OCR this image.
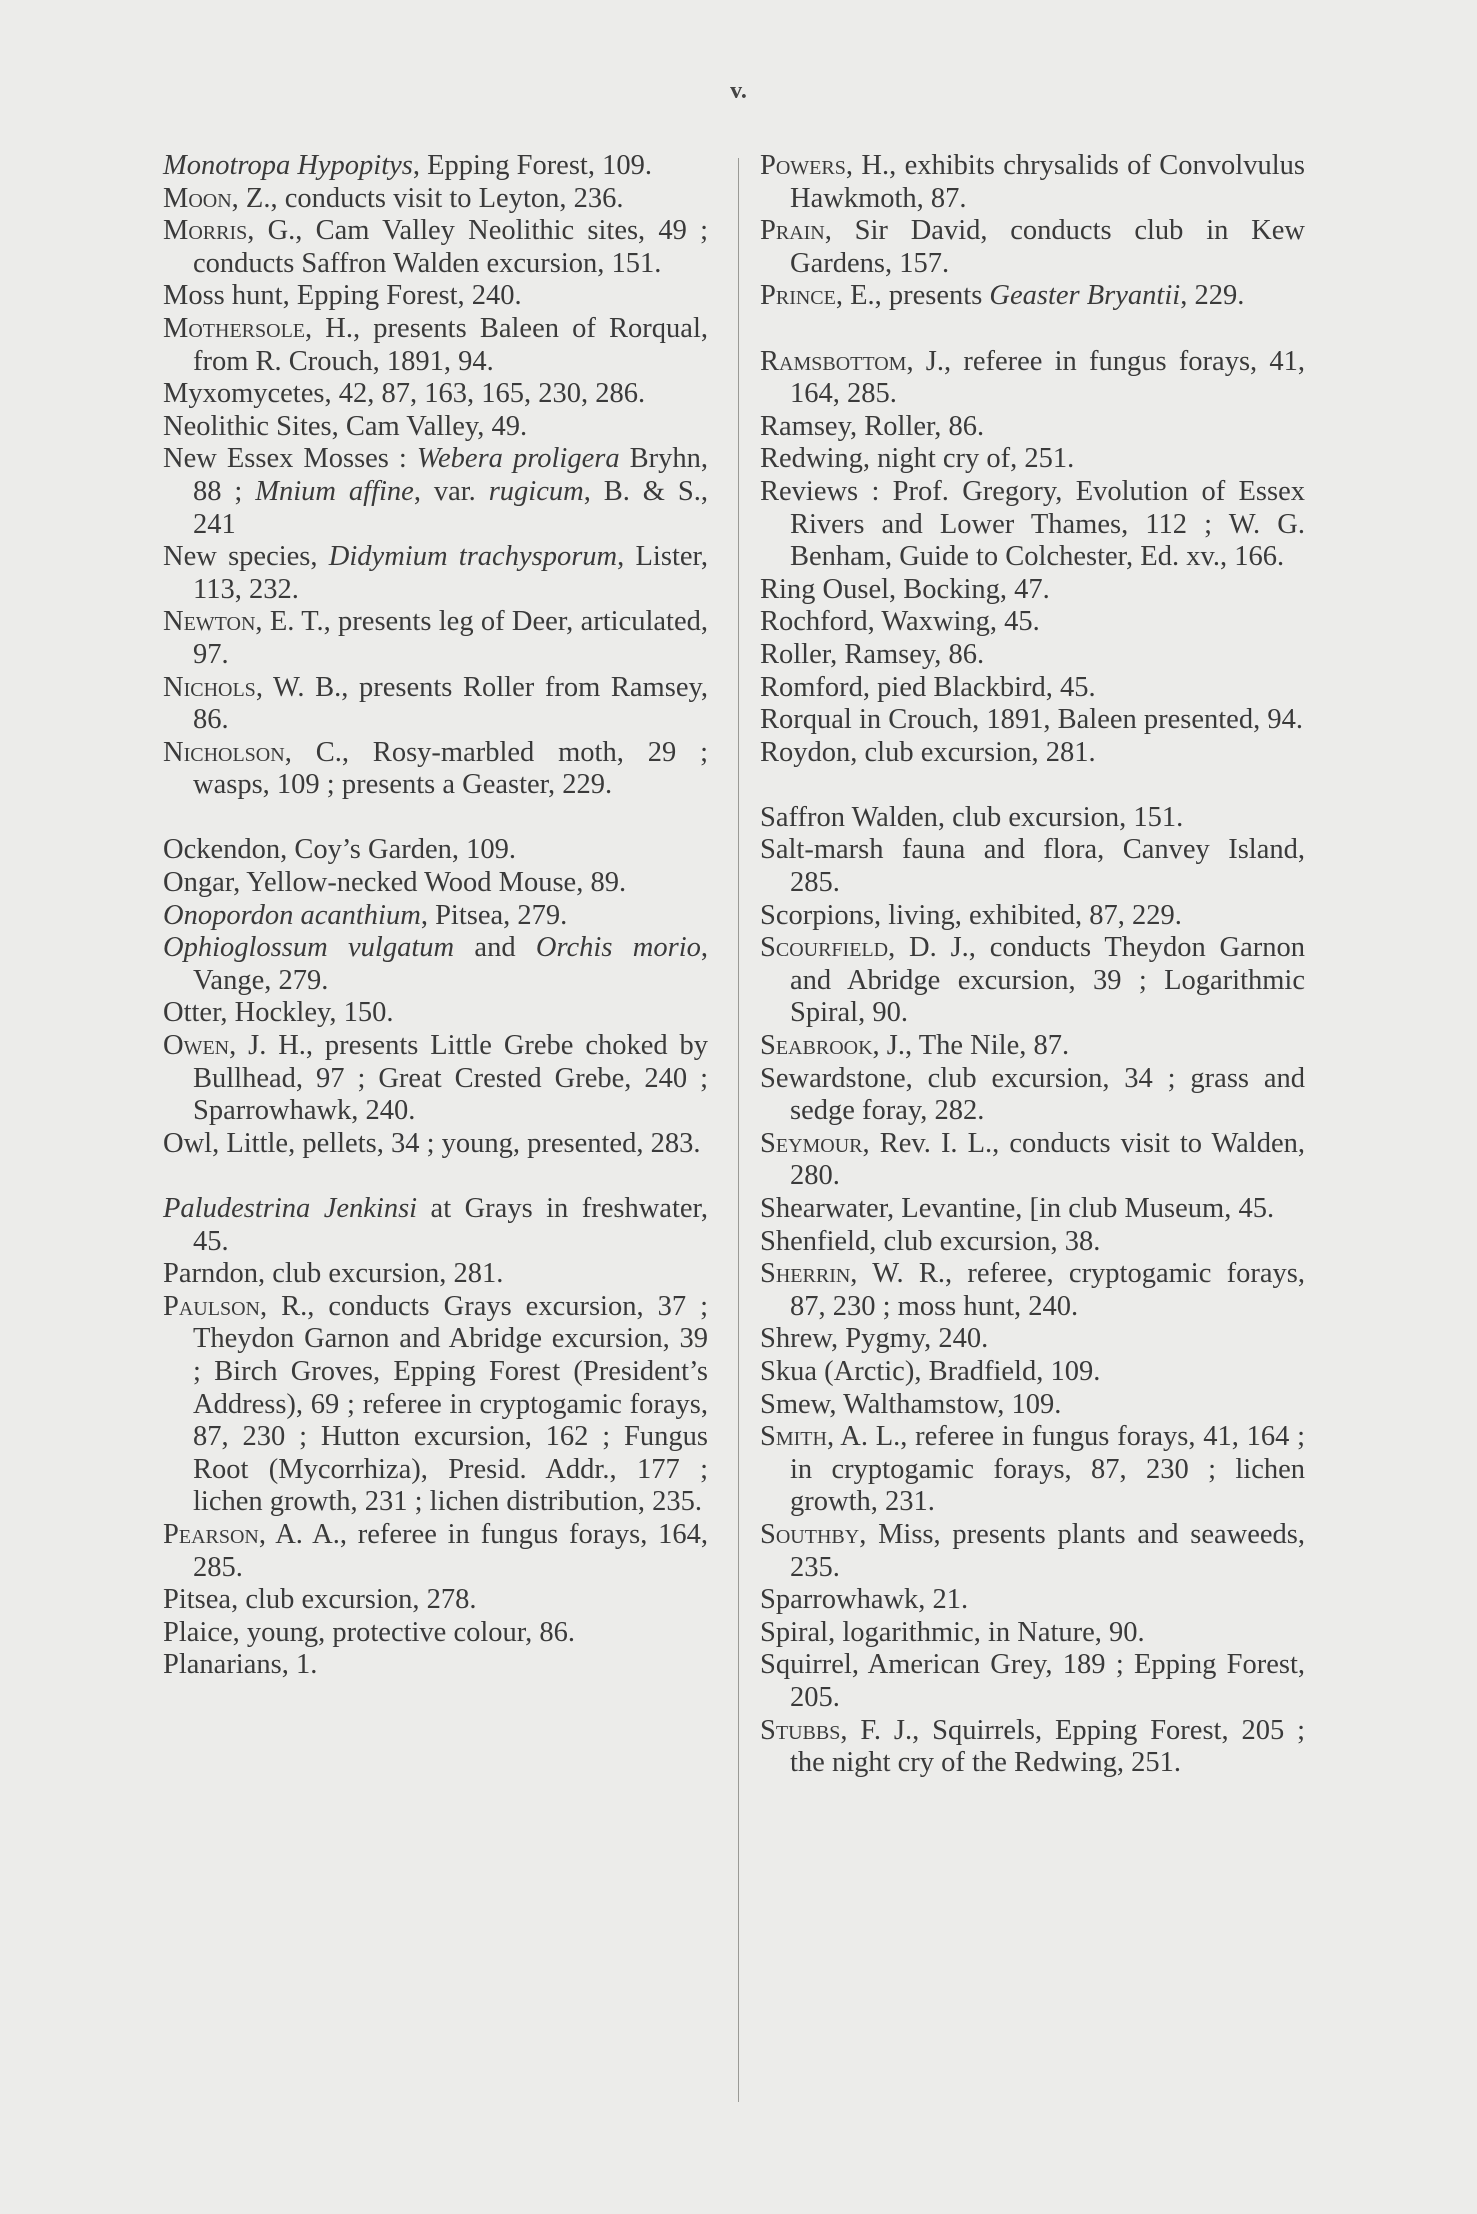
v.
Monotropa Hypopitys, Epping Forest, 109.
Moon, Z., conducts visit to Leyton, 236.
Morris, G., Cam Valley Neolithic sites, 49 ; conducts Saffron Walden excursion, 151.
Moss hunt, Epping Forest, 240.
Mothersole, H., presents Baleen of Rorqual, from R. Crouch, 1891, 94.
Myxomycetes, 42, 87, 163, 165, 230, 286.
Neolithic Sites, Cam Valley, 49.
New Essex Mosses : Webera proligera Bryhn, 88 ; Mnium affine, var. rugicum, B. & S., 241
New species, Didymium trachysporum, Lister, 113, 232.
Newton, E. T., presents leg of Deer, articulated, 97.
Nichols, W. B., presents Roller from Ramsey, 86.
Nicholson, C., Rosy-marbled moth, 29 ; wasps, 109 ; presents a Geaster, 229.
Ockendon, Coy’s Garden, 109.
Ongar, Yellow-necked Wood Mouse, 89.
Onopordon acanthium, Pitsea, 279.
Ophioglossum vulgatum and Orchis morio, Vange, 279.
Otter, Hockley, 150.
Owen, J. H., presents Little Grebe choked by Bullhead, 97 ; Great Crested Grebe, 240 ; Sparrowhawk, 240.
Owl, Little, pellets, 34 ; young, presented, 283.
Paludestrina Jenkinsi at Grays in freshwater, 45.
Parndon, club excursion, 281.
Paulson, R., conducts Grays excursion, 37 ; Theydon Garnon and Abridge excursion, 39 ; Birch Groves, Epping Forest (President’s Address), 69 ; referee in cryptogamic forays, 87, 230 ; Hutton excursion, 162 ; Fungus Root (Mycorrhiza), Presid. Addr., 177 ; lichen growth, 231 ; lichen distribution, 235.
Pearson, A. A., referee in fungus forays, 164, 285.
Pitsea, club excursion, 278.
Plaice, young, protective colour, 86.
Planarians, 1.
Powers, H., exhibits chrysalids of Convolvulus Hawkmoth, 87.
Prain, Sir David, conducts club in Kew Gardens, 157.
Prince, E., presents Geaster Bryantii, 229.
Ramsbottom, J., referee in fungus forays, 41, 164, 285.
Ramsey, Roller, 86.
Redwing, night cry of, 251.
Reviews : Prof. Gregory, Evolution of Essex Rivers and Lower Thames, 112 ; W. G. Benham, Guide to Colchester, Ed. xv., 166.
Ring Ousel, Bocking, 47.
Rochford, Waxwing, 45.
Roller, Ramsey, 86.
Romford, pied Blackbird, 45.
Rorqual in Crouch, 1891, Baleen presented, 94.
Roydon, club excursion, 281.
Saffron Walden, club excursion, 151.
Salt-marsh fauna and flora, Canvey Island, 285.
Scorpions, living, exhibited, 87, 229.
Scourfield, D. J., conducts Theydon Garnon and Abridge excursion, 39 ; Logarithmic Spiral, 90.
Seabrook, J., The Nile, 87.
Sewardstone, club excursion, 34 ; grass and sedge foray, 282.
Seymour, Rev. I. L., conducts visit to Walden, 280.
Shearwater, Levantine, [in club Museum, 45.
Shenfield, club excursion, 38.
Sherrin, W. R., referee, cryptogamic forays, 87, 230 ; moss hunt, 240.
Shrew, Pygmy, 240.
Skua (Arctic), Bradfield, 109.
Smew, Walthamstow, 109.
Smith, A. L., referee in fungus forays, 41, 164 ; in cryptogamic forays, 87, 230 ; lichen growth, 231.
Southby, Miss, presents plants and seaweeds, 235.
Sparrowhawk, 21.
Spiral, logarithmic, in Nature, 90.
Squirrel, American Grey, 189 ; Epping Forest, 205.
Stubbs, F. J., Squirrels, Epping Forest, 205 ; the night cry of the Redwing, 251.
